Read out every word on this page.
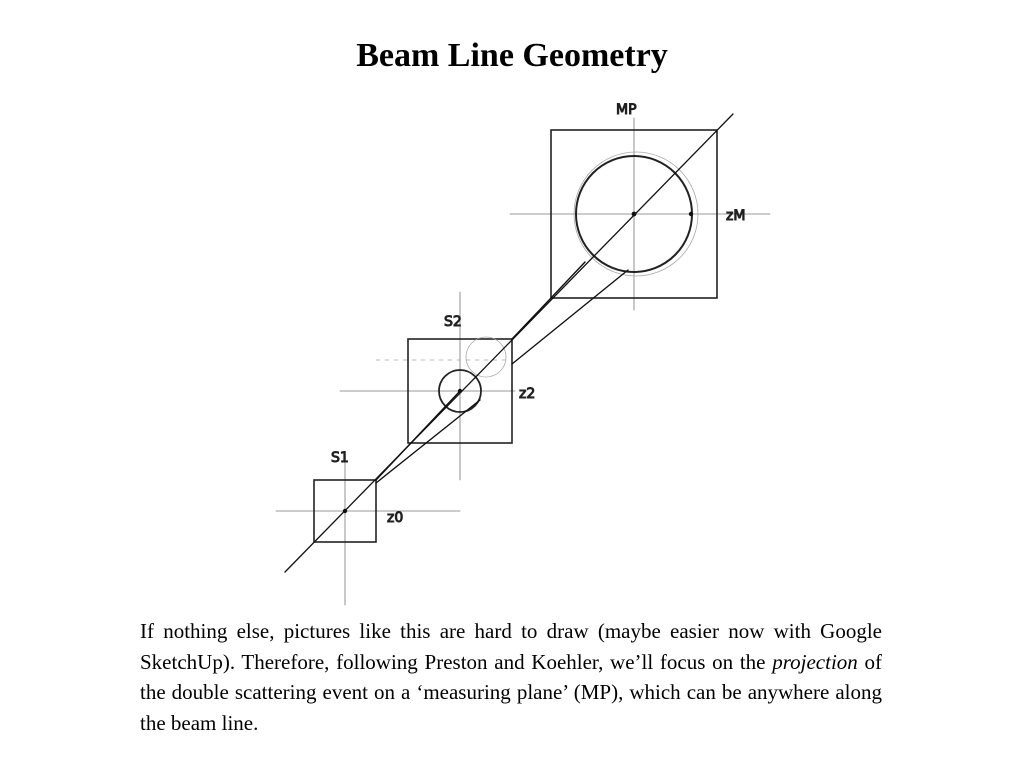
Beam Line Geometry
MP
zM
S2
z2
S1
z0
If nothing else, pictures like this are hard to draw (maybe easier now with Google SketchUp). Therefore, following Preston and Koehler, we’ll focus on the projection of the double scattering event on a ‘measuring plane’ (MP), which can be anywhere along the beam line.
